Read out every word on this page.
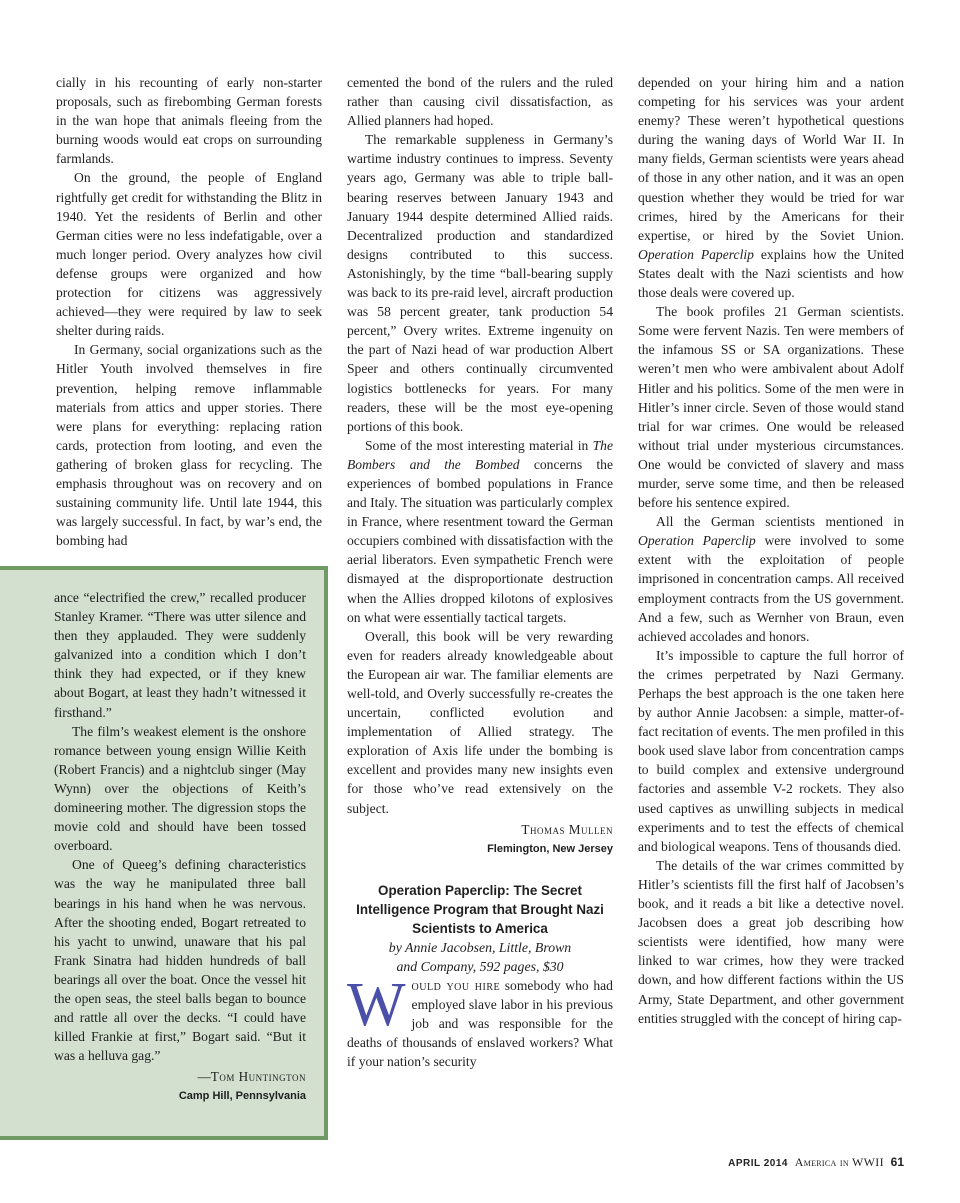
cially in his recounting of early non-starter proposals, such as firebombing German forests in the wan hope that animals fleeing from the burning woods would eat crops on surrounding farmlands.

On the ground, the people of England rightfully get credit for withstanding the Blitz in 1940. Yet the residents of Berlin and other German cities were no less indefatigable, over a much longer period. Overy analyzes how civil defense groups were organized and how protection for citizens was aggressively achieved—they were required by law to seek shelter during raids.

In Germany, social organizations such as the Hitler Youth involved themselves in fire prevention, helping remove inflammable materials from attics and upper stories. There were plans for everything: replacing ration cards, protection from looting, and even the gathering of broken glass for recycling. The emphasis throughout was on recovery and on sustaining community life. Until late 1944, this was largely successful. In fact, by war’s end, the bombing had

ance “electrified the crew,” recalled producer Stanley Kramer. “There was utter silence and then they applauded. They were suddenly galvanized into a condition which I don’t think they had expected, or if they knew about Bogart, at least they hadn’t witnessed it firsthand.”

The film’s weakest element is the onshore romance between young ensign Willie Keith (Robert Francis) and a nightclub singer (May Wynn) over the objections of Keith’s domineering mother. The digression stops the movie cold and should have been tossed overboard.

One of Queeg’s defining characteristics was the way he manipulated three ball bearings in his hand when he was nervous. After the shooting ended, Bogart retreated to his yacht to unwind, unaware that his pal Frank Sinatra had hidden hundreds of ball bearings all over the boat. Once the vessel hit the open seas, the steel balls began to bounce and rattle all over the decks. “I could have killed Frankie at first,” Bogart said. “But it was a helluva gag.”

—Tom Huntington
Camp Hill, Pennsylvania

cemented the bond of the rulers and the ruled rather than causing civil dissatisfaction, as Allied planners had hoped.

The remarkable suppleness in Germany’s wartime industry continues to impress. Seventy years ago, Germany was able to triple ball-bearing reserves between January 1943 and January 1944 despite determined Allied raids. Decentralized production and standardized designs contributed to this success. Astonishingly, by the time “ball-bearing supply was back to its pre-raid level, aircraft production was 58 percent greater, tank production 54 percent,” Overy writes. Extreme ingenuity on the part of Nazi head of war production Albert Speer and others continually circumvented logistics bottlenecks for years. For many readers, these will be the most eye-opening portions of this book.

Some of the most interesting material in The Bombers and the Bombed concerns the experiences of bombed populations in France and Italy. The situation was particularly complex in France, where resentment toward the German occupiers combined with dissatisfaction with the aerial liberators. Even sympathetic French were dismayed at the disproportionate destruction when the Allies dropped kilotons of explosives on what were essentially tactical targets.

Overall, this book will be very rewarding even for readers already knowledgeable about the European air war. The familiar elements are well-told, and Overly successfully re-creates the uncertain, conflicted evolution and implementation of Allied strategy. The exploration of Axis life under the bombing is excellent and provides many new insights even for those who’ve read extensively on the subject.

Thomas Mullen
Flemington, New Jersey
Operation Paperclip: The Secret Intelligence Program that Brought Nazi Scientists to America
by Annie Jacobsen, Little, Brown
and Company, 592 pages, $30

Would you hire somebody who had employed slave labor in his previous job and was responsible for the deaths of thousands of enslaved workers? What if your nation’s security

depended on your hiring him and a nation competing for his services was your ardent enemy? These weren’t hypothetical questions during the waning days of World War II. In many fields, German scientists were years ahead of those in any other nation, and it was an open question whether they would be tried for war crimes, hired by the Americans for their expertise, or hired by the Soviet Union. Operation Paperclip explains how the United States dealt with the Nazi scientists and how those deals were covered up.

The book profiles 21 German scientists. Some were fervent Nazis. Ten were members of the infamous SS or SA organizations. These weren’t men who were ambivalent about Adolf Hitler and his politics. Some of the men were in Hitler’s inner circle. Seven of those would stand trial for war crimes. One would be released without trial under mysterious circumstances. One would be convicted of slavery and mass murder, serve some time, and then be released before his sentence expired.

All the German scientists mentioned in Operation Paperclip were involved to some extent with the exploitation of people imprisoned in concentration camps. All received employment contracts from the US government. And a few, such as Wernher von Braun, even achieved accolades and honors.

It’s impossible to capture the full horror of the crimes perpetrated by Nazi Germany. Perhaps the best approach is the one taken here by author Annie Jacobsen: a simple, matter-of-fact recitation of events. The men profiled in this book used slave labor from concentration camps to build complex and extensive underground factories and assemble V-2 rockets. They also used captives as unwilling subjects in medical experiments and to test the effects of chemical and biological weapons. Tens of thousands died.

The details of the war crimes committed by Hitler’s scientists fill the first half of Jacobsen’s book, and it reads a bit like a detective novel. Jacobsen does a great job describing how scientists were identified, how many were linked to war crimes, how they were tracked down, and how different factions within the US Army, State Department, and other government entities struggled with the concept of hiring cap-

APRIL 2014 America in WWII 61
